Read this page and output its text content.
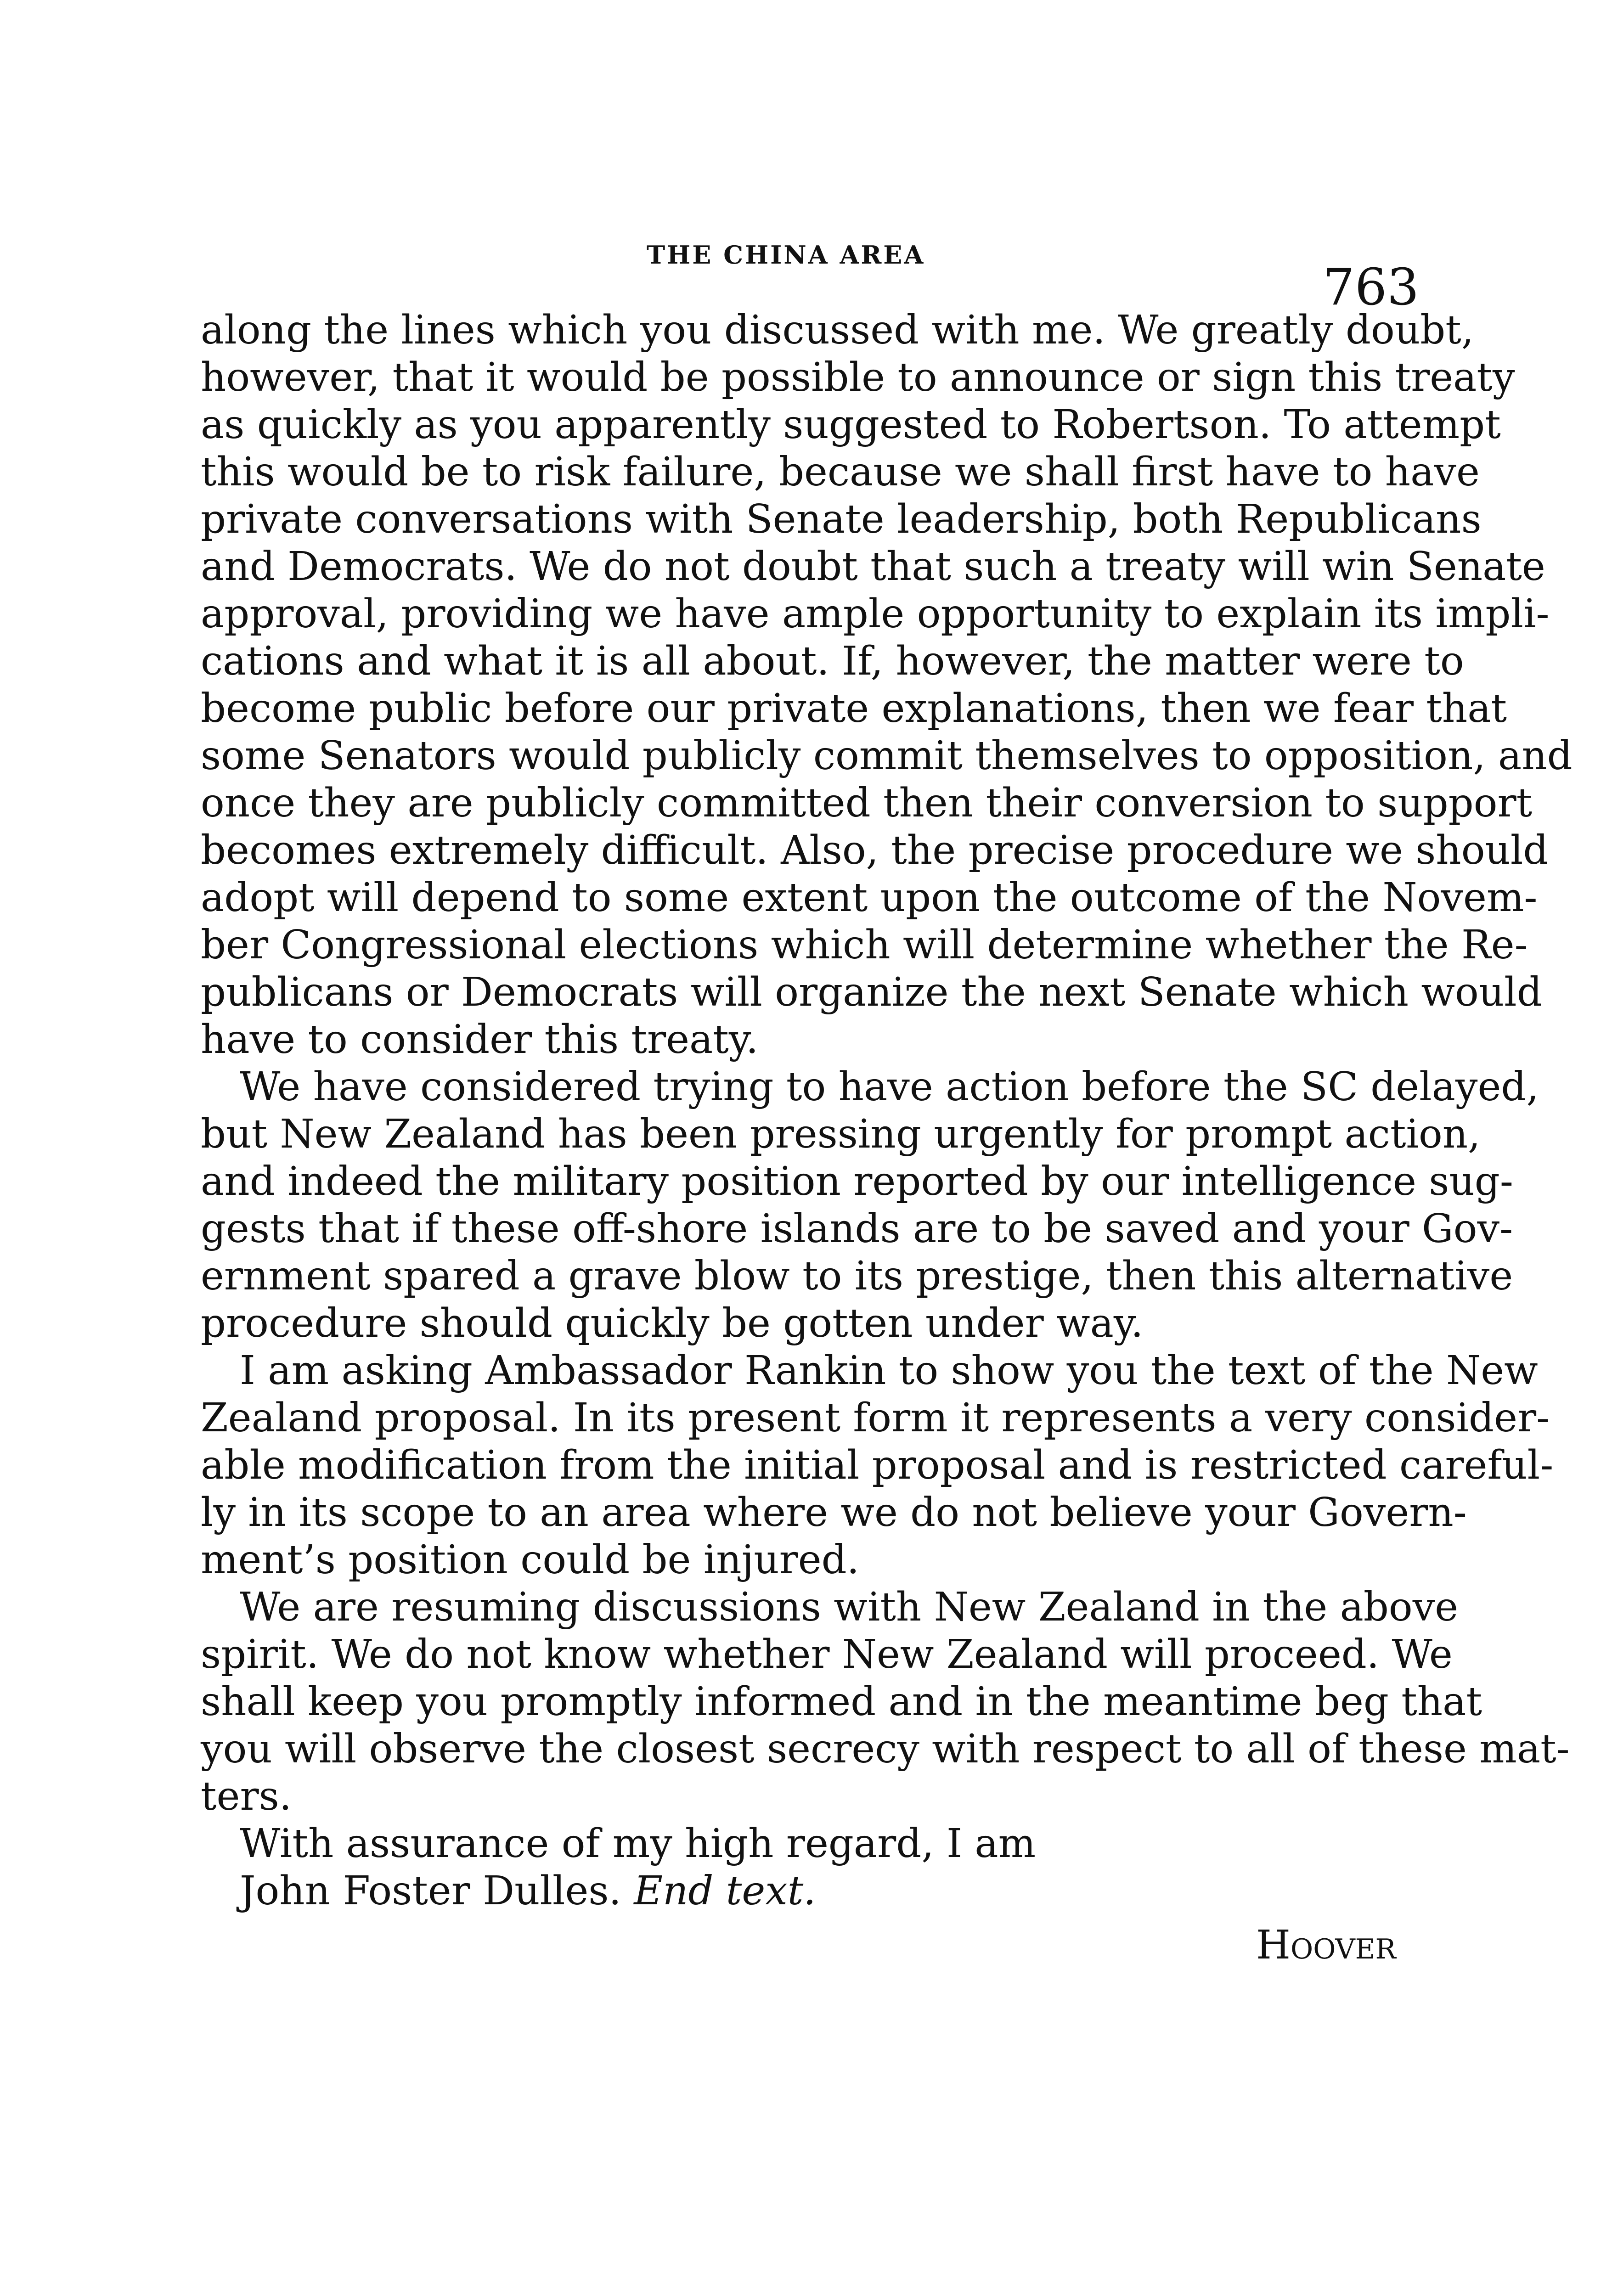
THE CHINA AREA
763
along the lines which you discussed with me. We greatly doubt,
however, that it would be possible to announce or sign this treaty
as quickly as you apparently suggested to Robertson. To attempt
this would be to risk failure, because we shall first have to have
private conversations with Senate leadership, both Republicans
and Democrats. We do not doubt that such a treaty will win Senate
approval, providing we have ample opportunity to explain its impli-
cations and what it is all about. If, however, the matter were to
become public before our private explanations, then we fear that
some Senators would publicly commit themselves to opposition, and
once they are publicly committed then their conversion to support
becomes extremely difficult. Also, the precise procedure we should
adopt will depend to some extent upon the outcome of the Novem-
ber Congressional elections which will determine whether the Re-
publicans or Democrats will organize the next Senate which would
have to consider this treaty.
We have considered trying to have action before the SC delayed,
but New Zealand has been pressing urgently for prompt action,
and indeed the military position reported by our intelligence sug-
gests that if these off-shore islands are to be saved and your Gov-
ernment spared a grave blow to its prestige, then this alternative
procedure should quickly be gotten under way.
I am asking Ambassador Rankin to show you the text of the New
Zealand proposal. In its present form it represents a very consider-
able modification from the initial proposal and is restricted careful-
ly in its scope to an area where we do not believe your Govern-
ment’s position could be injured.
We are resuming discussions with New Zealand in the above
spirit. We do not know whether New Zealand will proceed. We
shall keep you promptly informed and in the meantime beg that
you will observe the closest secrecy with respect to all of these mat-
ters.
With assurance of my high regard, I am
John Foster Dulles. End text.
Hoover
